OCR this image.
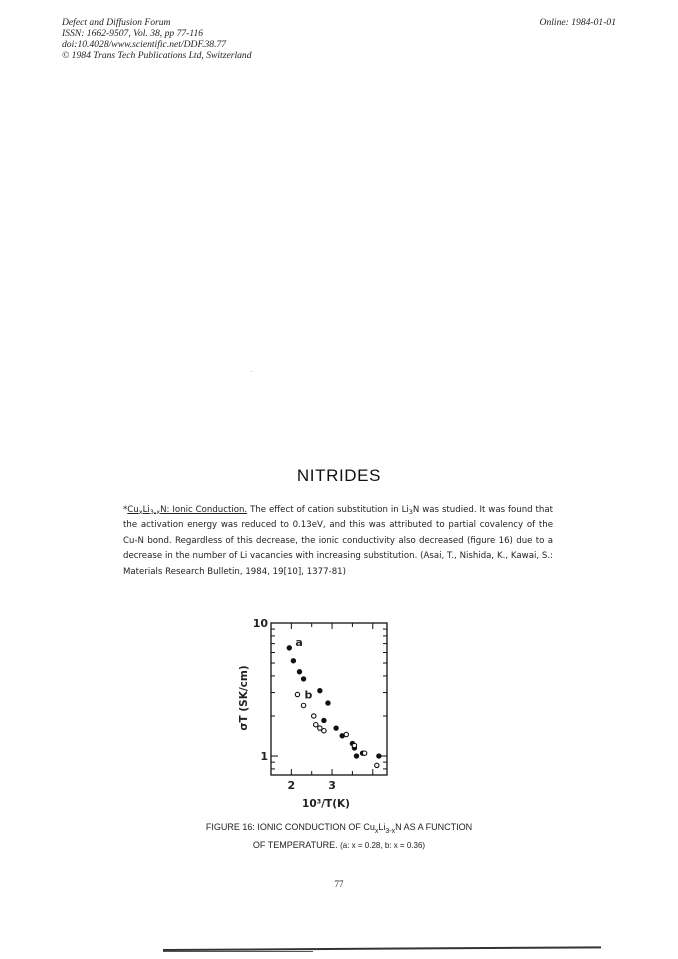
Defect and Diffusion Forum
ISSN: 1662-9507, Vol. 38, pp 77-116
doi:10.4028/www.scientific.net/DDF.38.77
© 1984 Trans Tech Publications Ltd, Switzerland
Online: 1984-01-01
NITRIDES
$*Cu_xLi_{3-x}N$: Ionic Conduction. The effect of cation substitution in $Li_3N$ was studied. It was found that the activation energy was reduced to 0.13eV, and this was attributed to partial covalency of the Cu-N bond. Regardless of this decrease, the ionic conductivity also decreased (figure 16) due to a decrease in the number of Li vacancies with increasing substitution. (Asai, T., Nishida, K., Kawai, S.: Materials Research Bulletin, 1984, 19[10], 1377-81)
10
1
2	3
a
b
σT (SK/cm)
10³/T(K)
FIGURE 16: IONIC CONDUCTION OF $Cu_xLi_{3-x}N$ AS A FUNCTION
OF TEMPERATURE. (a: x = 0.28, b: x = 0.36)
77
